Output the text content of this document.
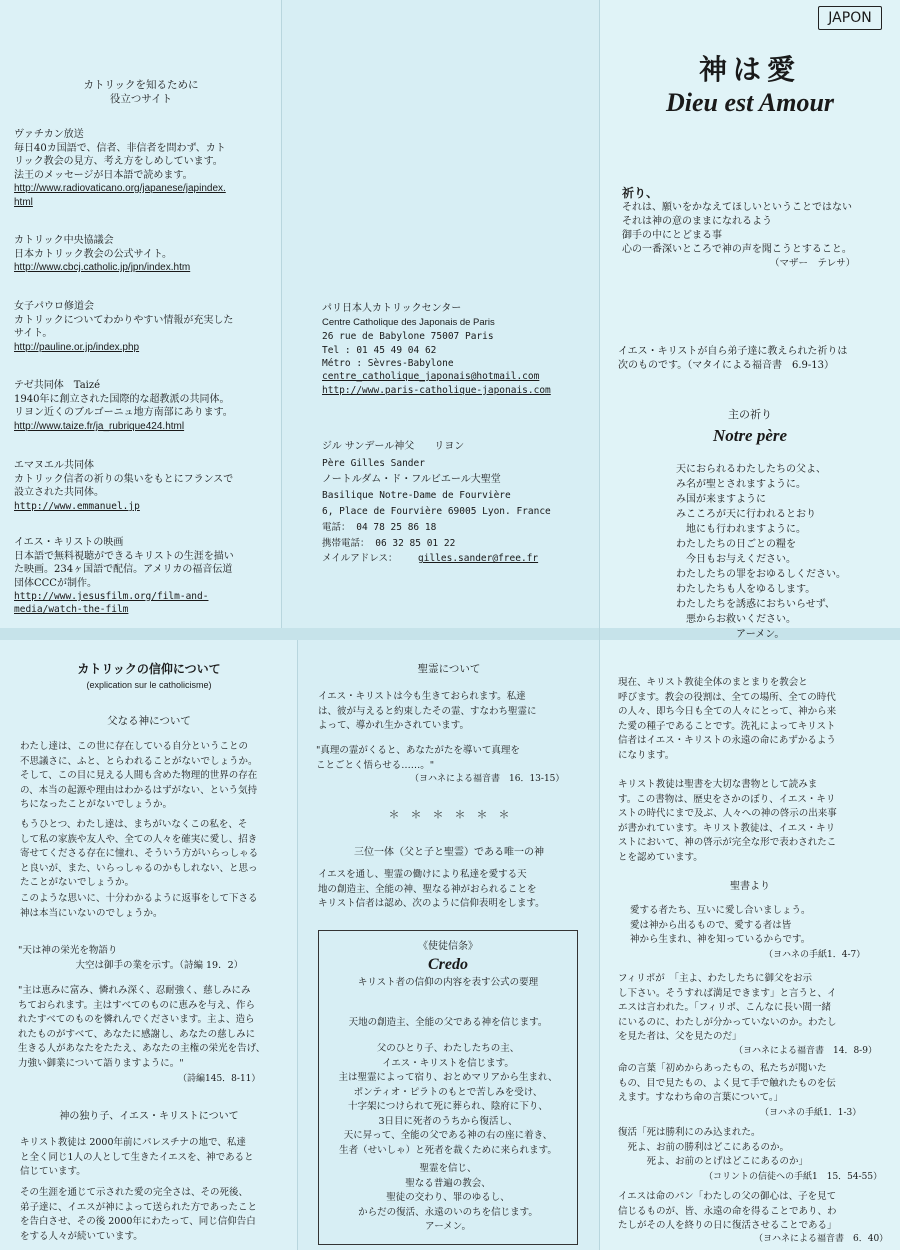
JAPON
神は愛
Dieu est Amour
祈り、
それは、願いをかなえてほしいということではない
それは神の意のままになれるよう
御手の中にとどまる事
心の一番深いところで神の声を聞こうとすること。
（マザー　テレサ）
イエス・キリストが自ら弟子達に教えられた祈りは
次のものです。（マタイによる福音書　6.9-13）
主の祈り
Notre père
天におられるわたしたちの父よ、
み名が聖とされますように。
み国が来ますように
みこころが天に行われるとおり
　地にも行われますように。
わたしたちの日ごとの糧を
　今日もお与えください。
わたしたちの罪をおゆるしください。
わたしたちも人をゆるします。
わたしたちを誘惑におちいらせず、
　悪からお救いください。
　　　　　　アーメン。
カトリックを知るために
役立つサイト
ヴァチカン放送
毎日40カ国語で、信者、非信者を問わず、カト
リック教会の見方、考え方をしめしています。
法王のメッセージが日本語で読めます。
http://www.radiovaticano.org/japanese/japindex.
html
カトリック中央協議会
日本カトリック教会の公式サイト。
http://www.cbcj.catholic.jp/jpn/index.htm
女子パウロ修道会
カトリックについてわかりやすい情報が充実した
サイト。
http://pauline.or.jp/index.php
テゼ共同体　Taizé
1940年に創立された国際的な超教派の共同体。
リヨン近くのブルゴーニュ地方南部にあります。
http://www.taize.fr/ja_rubrique424.html
エマヌエル共同体
カトリック信者の祈りの集いをもとにフランスで
設立された共同体。
http://www.emmanuel.jp
イエス・キリストの映画
日本語で無料視聴ができるキリストの生涯を描い
た映画。234ヶ国語で配信。アメリカの福音伝道
団体CCCが制作。
http://www.jesusfilm.org/film-and-
media/watch-the-film
パリ日本人カトリックセンター
Centre Catholique des Japonais de Paris
26 rue de Babylone 75007 Paris
Tel : 01 45 49 04 62
Métro : Sèvres-Babylone
centre_catholique_japonais@hotmail.com
http://www.paris-catholique-japonais.com
ジル サンデール神父　　リヨン
Père Gilles Sander
ノートルダム・ド・フルビエール大聖堂
Basilique Notre-Dame de Fourvière
6, Place de Fourvière 69005 Lyon. France
電話： 04 78 25 86 18
携帯電話： 06 32 85 01 22
メイルアドレス： gilles.sander@free.fr
カトリックの信仰について
(explication sur le catholicisme)
父なる神について
わたし達は、この世に存在している自分ということの
不思議さに、ふと、とらわれることがないでしょうか。
そして、この目に見える人間も含めた物理的世界の存在
の、本当の起源や理由はわかるはずがない、という気持
ちになったことがないでしょうか。
もうひとつ、わたし達は、まちがいなくこの私を、そ
して私の家族や友人や、全ての人々を確実に愛し、招き
寄せてくださる存在に憧れ、そういう方がいらっしゃる
と良いが、また、いらっしゃるのかもしれない、と思っ
たことがないでしょうか。
このような思いに、十分わかるように返事をして下さる
神は本当にいないのでしょうか。
"天は神の栄光を物語り
　大空は御手の業を示す。（詩編 19．2）
"主は恵みに富み、憐れみ深く、忍耐強く、慈しみにみ
ちておられます。主はすべてのものに恵みを与え、作ら
れたすべてのものを憐れんでくださいます。主よ、造ら
れたものがすべて、あなたに感謝し、あなたの慈しみに
生きる人があなたをたたえ、あなたの主権の栄光を告げ、
力強い御業について語りますように。"
（詩編145．8-11）
神の独り子、イエス・キリストについて
キリスト教徒は 2000年前にパレスチナの地で、私達
と全く同じ1人の人として生きたイエスを、神であると
信じています。
その生涯を通じて示された愛の完全さは、その死後、
弟子達に、イエスが神によって送られた方であったこと
を告白させ、その後 2000年にわたって、同じ信仰告白
をする人々が続いています。
聖霊について
イエス・キリストは今も生きておられます。私達
は、彼が与えると約束したその霊、すなわち聖霊に
よって、導かれ生かされています。
"真理の霊がくると、あなたがたを導いて真理を
ことごとく悟らせる……。"
（ヨハネによる福音書　16．13-15）
＊　＊　＊　＊　＊　＊
三位一体（父と子と聖霊）である唯一の神
イエスを通し、聖霊の働けにより私達を愛する天
地の創造主、全能の神、聖なる神がおられることを
キリスト信者は認め、次のように信仰表明をします。
《使徒信条》
Credo
キリスト者の信仰の内容を表す公式の要理
天地の創造主、全能の父である神を信じます。
父のひとり子、わたしたちの主、
イエス・キリストを信じます。
主は聖霊によって宿り、おとめマリアから生まれ、
ポンティオ・ピラトのもとで苦しみを受け、
十字架につけられて死に葬られ、陰府に下り、
3日目に死者のうちから復活し、
天に昇って、全能の父である神の右の座に着き、
生者（せいしゃ）と死者を裁くために来られます。
聖霊を信じ、
聖なる普遍の教会、
聖徒の交わり、罪のゆるし、
からだの復活、永遠のいのちを信じます。
アーメン。
現在、キリスト教徒全体のまとまりを教会と
呼びます。教会の役割は、全ての場所、全ての時代
の人々、即ち今日も全ての人々にとって、神から来
た愛の種子であることです。洗礼によってキリスト
信者はイエス・キリストの永遠の命にあずかるよう
になります。
キリスト教徒は聖書を大切な書物として読みま
す。この書物は、歴史をさかのぼり、イエス・キリ
ストの時代にまで及ぶ、人々への神の啓示の出来事
が書かれています。キリスト教徒は、イエス・キリ
ストにおいて、神の啓示が完全な形で表わされたこ
とを認めています。
聖書より
愛する者たち、互いに愛し合いましょう。
愛は神から出るもので、愛する者は皆
神から生まれ、神を知っているからです。
（ヨハネの手紙1．4-7）
フィリポが　「主よ、わたしたちに御父をお示
し下さい。そうすれば満足できます」と言うと、イ
エスは言われた。「フィリポ、こんなに長い間一緒
にいるのに、わたしが分かっていないのか。わたし
を見た者は、父を見たのだ」
（ヨハネによる福音書　14．8-9）
命の言葉「初めからあったもの、私たちが聞いた
もの、目で見たもの、よく見て手で触れたものを伝
えます。すなわち命の言葉について。」
（ヨハネの手紙1．1-3）
復活「死は勝利にのみ込まれた。
　死よ、お前の勝利はどこにあるのか。
　　　死よ、お前のとげはどこにあるのか」
（コリントの信徒への手紙1　15．54-55）
イエスは命のパン「わたしの父の御心は、子を見て
信じるものが、皆、永遠の命を得ることであり、わ
たしがその人を終りの日に復活させることである」
（ヨハネによる福音書　6．40）
